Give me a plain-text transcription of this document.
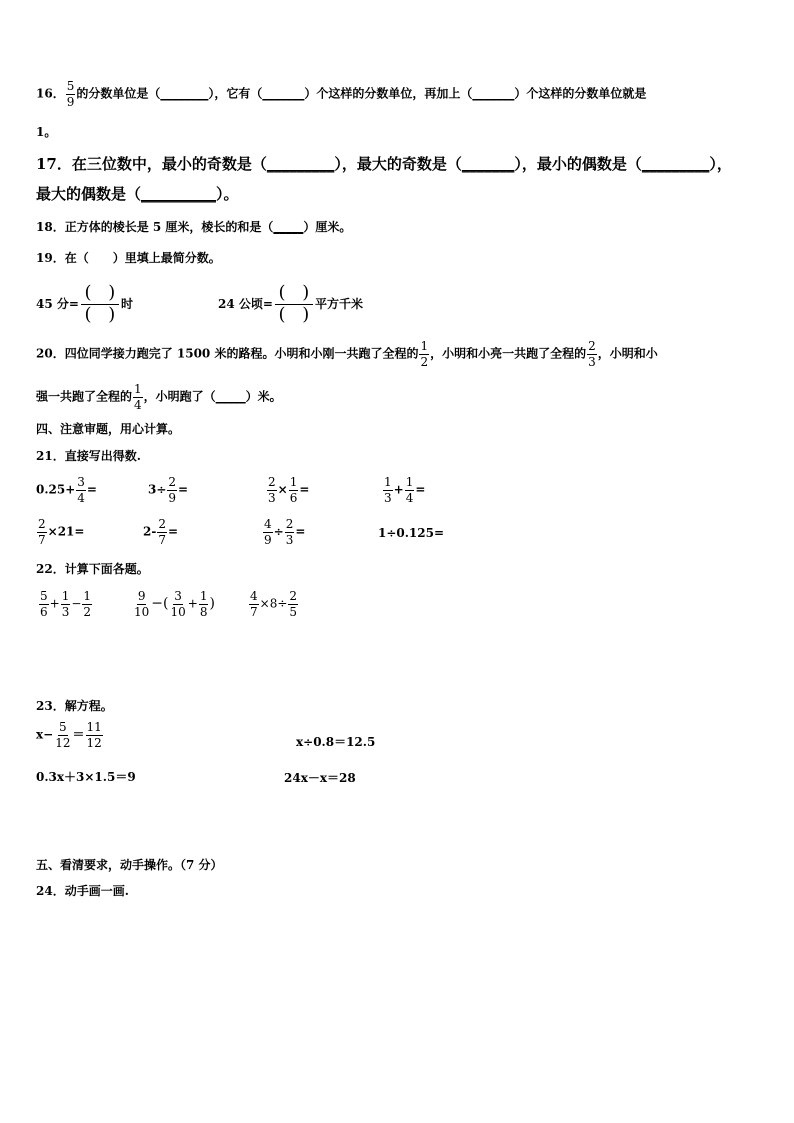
16． $\frac{5}{9}$ 的分数单位是（________），它有（_______）个这样的分数单位，再加上（_______）个这样的分数单位就是
1。
17．在三位数中，最小的奇数是（_________），最大的奇数是（_______），最小的偶数是（_________），
最大的偶数是（__________）。
18．正方体的棱长是 5 厘米，棱长的和是（_____）厘米。
19．在（　　）里填上最简分数。
45 分=
( )
( ) 时	24 公顷=
( )
( ) 平方千米
20．四位同学接力跑完了 1500 米的路程。小明和小刚一共跑了全程的 $\frac{1}{2}$ ，小明和小亮一共跑了全程的 $\frac{2}{3}$ ，小明和小
强一共跑了全程的 $\frac{1}{4}$ ，小明跑了（_____）米。
四、注意审题，用心计算。
21．直接写出得数.
$0.25+ \frac{3}{4}$ =	$3\div \frac{2}{9}$ =	$\frac{2}{3} \times \frac{1}{6}$ =	$\frac{1}{3} + \frac{1}{4}$ =
$\frac{2}{7} \times 21=$	$2- \frac{2}{7}$ =	$\frac{4}{9} \div \frac{2}{3}$ =	1÷0.125=
22．计算下面各题。
$\frac{5}{6} + \frac{1}{3} - \frac{1}{2}$	$\frac{9}{10}$ −( $\frac{3}{10} + \frac{1}{8}$ )	$\frac{4}{7} \times 8\div \frac{2}{5}$
23．解方程。
$x- \frac{5}{12} = \frac{11}{12}$	x÷0.8＝12.5
0.3x＋3×1.5＝9	24x－x＝28
五、看清要求，动手操作。（7 分）
24．动手画一画.
